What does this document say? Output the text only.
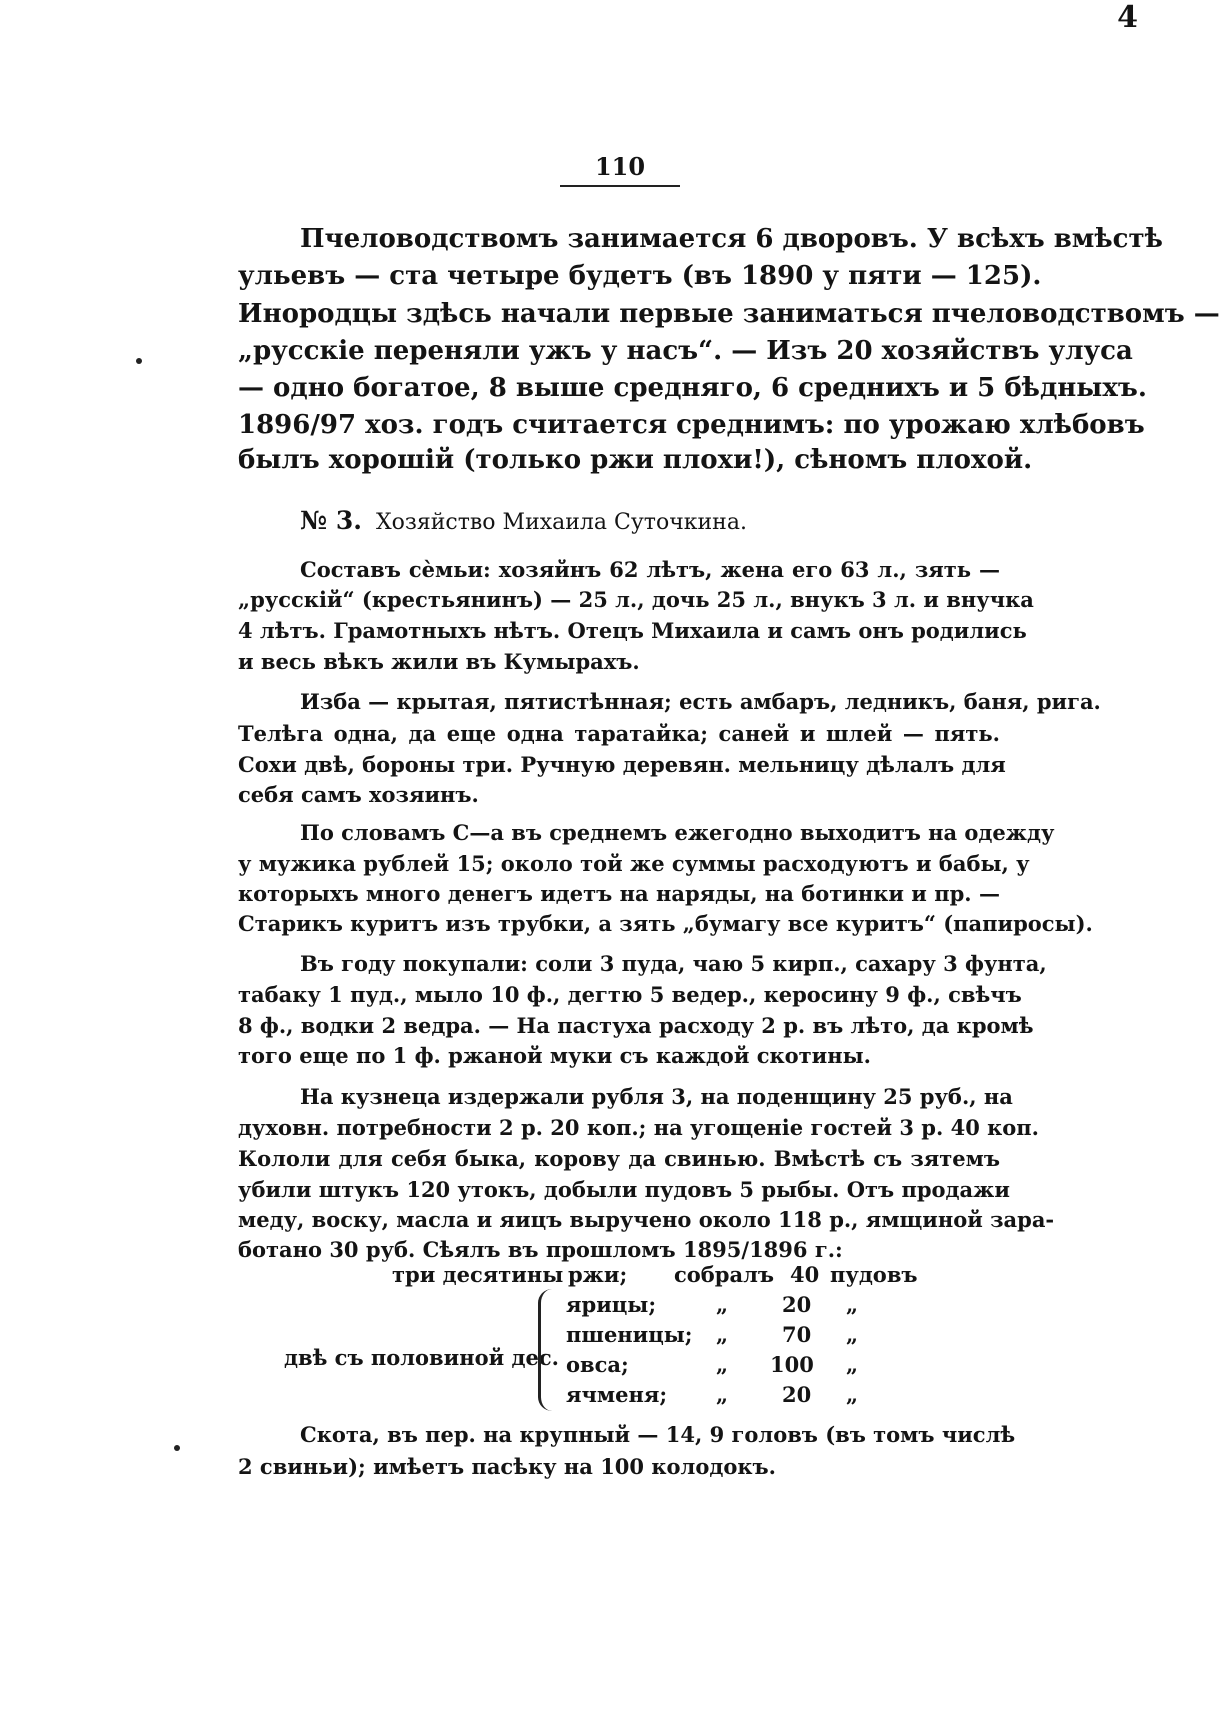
4
110
Пчеловодствомъ занимается 6 дворовъ. У всѣхъ вмѣстѣ
ульевъ — ста четыре будетъ (въ 1890 у пяти — 125).
Инородцы здѣсь начали первые заниматься пчеловодствомъ —
„русскіе переняли ужъ у насъ“. — Изъ 20 хозяйствъ улуса
— одно богатое, 8 выше средняго, 6 среднихъ и 5 бѣдныхъ.
1896/97 хоз. годъ считается среднимъ: по урожаю хлѣбовъ
былъ хорошій (только ржи плохи!), сѣномъ плохой.
№ 3. Хозяйство Михаила Суточкина.
Составъ сѐмьи: хозяйнъ 62 лѣтъ, жена его 63 л., зять —
„русскій“ (крестьянинъ) — 25 л., дочь 25 л., внукъ 3 л. и внучка
4 лѣтъ. Грамотныхъ нѣтъ. Отецъ Михаила и самъ онъ родились
и весь вѣкъ жили въ Кумырахъ.
Изба — крытая, пятистѣнная; есть амбаръ, ледникъ, баня, рига.
Телѣга одна, да еще одна таратайка; саней и шлей — пять.
Сохи двѣ, бороны три. Ручную деревян. мельницу дѣлалъ для
себя самъ хозяинъ.
По словамъ С—а въ среднемъ ежегодно выходитъ на одежду
у мужика рублей 15; около той же суммы расходуютъ и бабы, у
которыхъ много денегъ идетъ на наряды, на ботинки и пр. —
Старикъ куритъ изъ трубки, а зять „бумагу все куритъ“ (папиросы).
Въ году покупали: соли 3 пуда, чаю 5 кирп., сахару 3 фунта,
табаку 1 пуд., мыло 10 ф., дегтю 5 ведер., керосину 9 ф., свѣчъ
8 ф., водки 2 ведра. — На пастуха расходу 2 р. въ лѣто, да кромѣ
того еще по 1 ф. ржаной муки съ каждой скотины.
На кузнеца издержали рубля 3, на поденщину 25 руб., на
духовн. потребности 2 р. 20 коп.; на угощеніе гостей 3 р. 40 коп.
Кололи для себя быка, корову да свинью. Вмѣстѣ съ зятемъ
убили штукъ 120 утокъ, добыли пудовъ 5 рыбы. Отъ продажи
меду, воску, масла и яицъ выручено около 118 р., ямщиной зара-
ботано 30 руб. Сѣялъ въ прошломъ 1895/1896 г.:
три десятины ржи; собралъ 40 пудовъ
двѣ съ половиной дес.
ярицы;	„	20 „
пшеницы; „	70 „
овса;	„ 100 „
ячменя; „	20 „
Скота, въ пер. на крупный — 14, 9 головъ (въ томъ числѣ
2 свиньи); имѣетъ пасѣку на 100 колодокъ.
